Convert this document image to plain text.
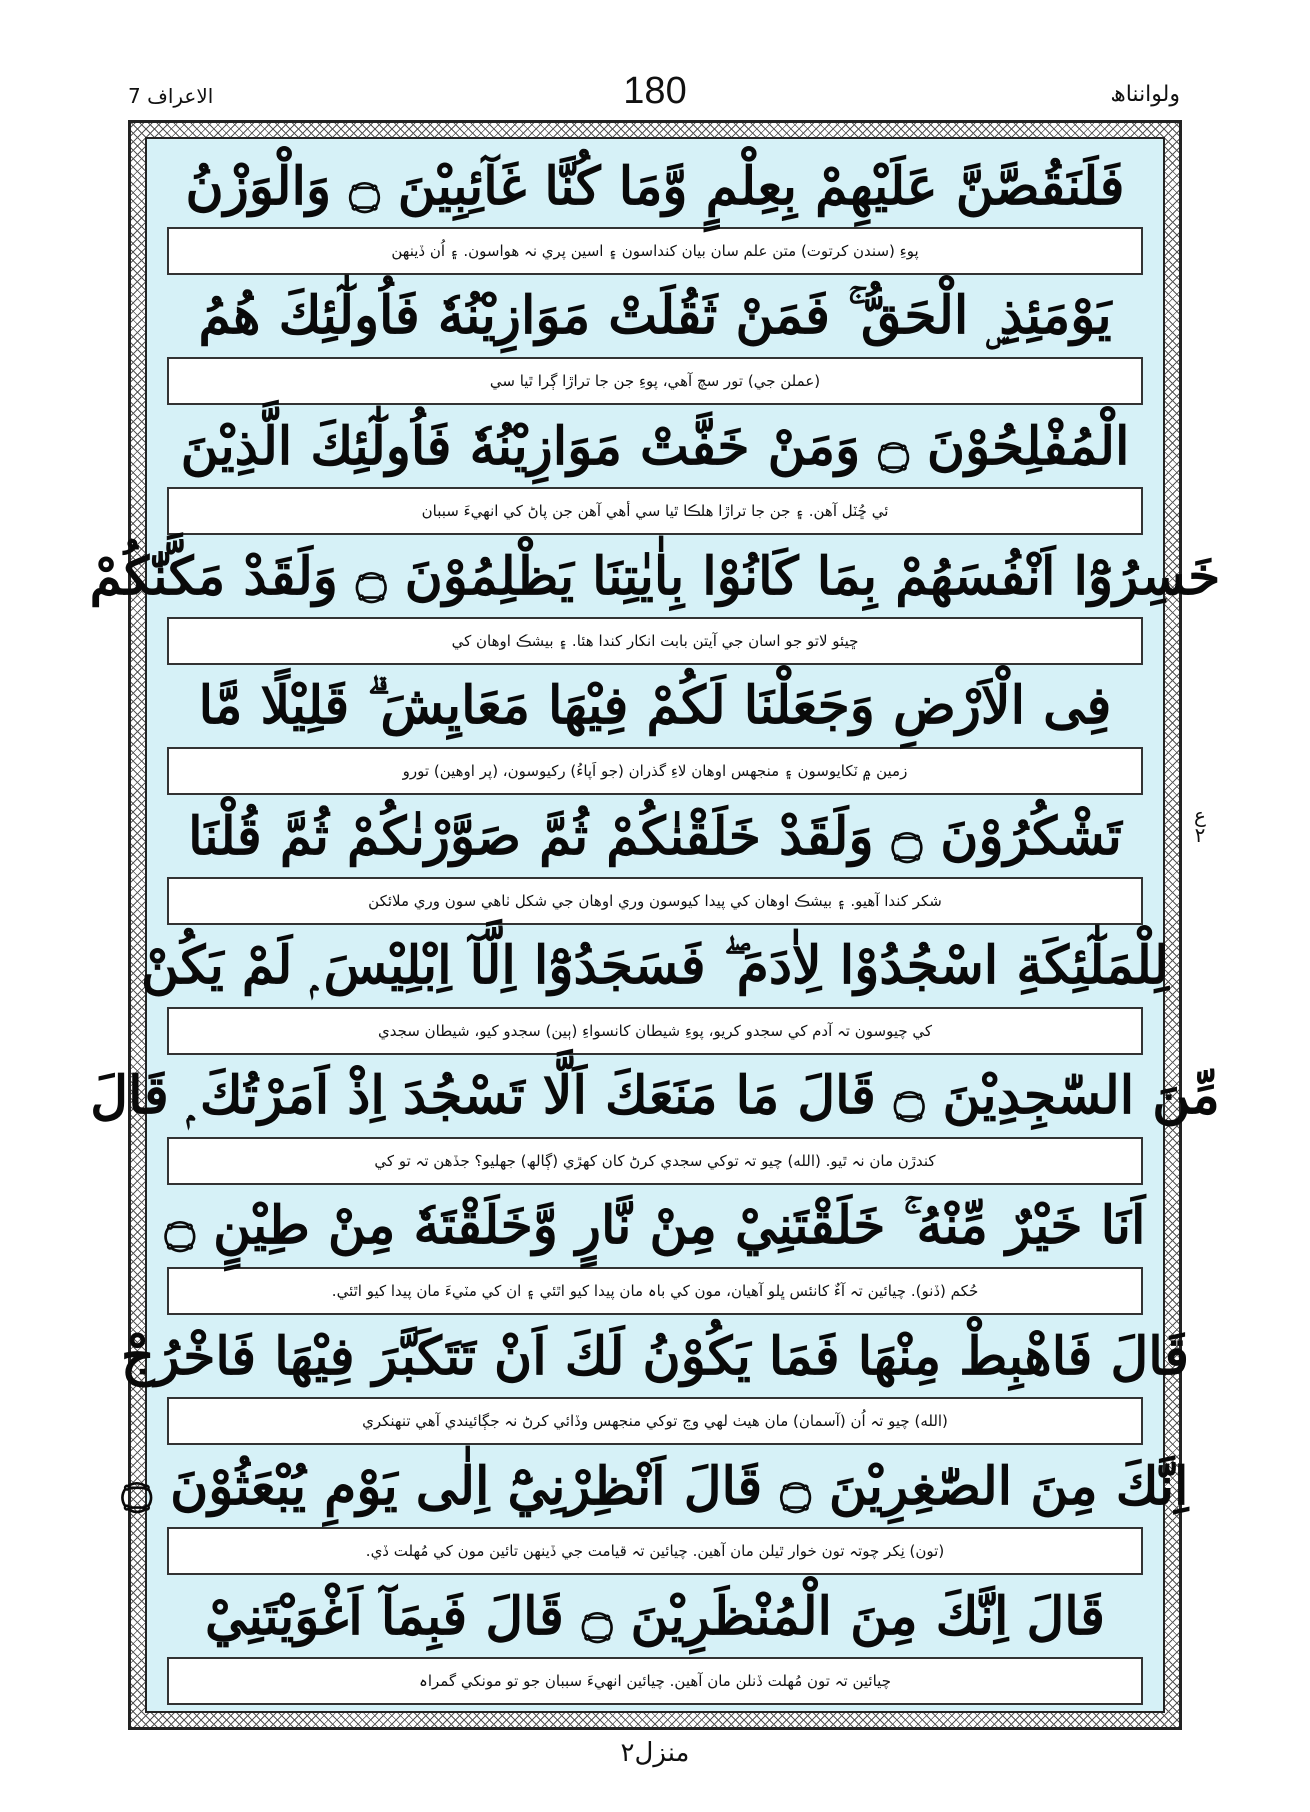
الاعراف 7	180	ولوانناھ
فَلَنَقُصَّنَّ عَلَيْهِمْ بِعِلْمٍ وَّمَا كُنَّا غَآئِبِيْنَ ۝ وَالْوَزْنُ
پوءِ (سندن كرتوت) متن علم سان بيان كنداسون ۽ اسين پري نہ ھواسون. ۽ اُن ڏينھن
يَوْمَئِذِ ۣ الْحَقُّ ۚ فَمَنْ ثَقُلَتْ مَوَازِيْنُهٗ فَاُولٰٓئِكَ هُمُ
(عملن جي) تور سچ آھي، پوءِ جن جا تراڙا ڳرا ٿيا سي
الْمُفْلِحُوْنَ ۝ وَمَنْ خَفَّتْ مَوَازِيْنُهٗ فَاُولٰٓئِكَ الَّذِيْنَ
ئي ڇُٽل آھن. ۽ جن جا تراڙا ھلڪا ٿيا سي أھي آھن جن پاڻ كي انھيءَ سببان
خَسِرُوْٓا اَنْفُسَهُمْ بِمَا كَانُوْا بِاٰيٰتِنَا يَظْلِمُوْنَ ۝ وَلَقَدْ مَكَّنّٰكُمْ
ڇيئو لاتو جو اسان جي آيتن بابت انكار كندا ھئا. ۽ بيشڪ اوھان كي
فِى الْاَرْضِ وَجَعَلْنَا لَكُمْ فِيْهَا مَعَايِشَ ۗ قَلِيْلًا مَّا
زمين ۾ ٽكايوسون ۽ منجھس اوھان لاءِ گذران (جو اَپاءُ) رکيوسون، (پر اوھين) تورو
تَشْكُرُوْنَ ۝ وَلَقَدْ خَلَقْنٰكُمْ ثُمَّ صَوَّرْنٰكُمْ ثُمَّ قُلْنَا
شكر كندا آھيو. ۽ بيشڪ اوھان كي پيدا كيوسون وري اوھان جي شكل ٺاھي سون وري ملائكن
لِلْمَلٰٓئِكَةِ اسْجُدُوْا لِاٰدَمَ ۖ فَسَجَدُوْٓا اِلَّآ اِبْلِيْسَ ۭ لَمْ يَكُنْ
كي چيوسون تہ آدم كي سجدو كريو، پوءِ شيطان كانسواءِ (ٻين) سجدو كيو، شيطان سجدي
مِّنَ السّٰجِدِيْنَ ۝ قَالَ مَا مَنَعَكَ اَلَّا تَسْجُدَ اِذْ اَمَرْتُكَ ۭ قَالَ
كندڙن مان نہ ٿيو. (الله) چيو تہ توكي سجدي كرڻ كان كھڙي (ڳالھ) جھليو؟ جڏھن تہ تو كي
اَنَا خَيْرٌ مِّنْهُ ۚ خَلَقْتَنِيْ مِنْ نَّارٍ وَّخَلَقْتَهٗ مِنْ طِيْنٍ ۝
حُكم (ڏنو). چيائين تہ آءٌ كانئس ڀلو آھيان، مون كي باہ مان پيدا كيو اٿئي ۽ ان كي مٽيءَ مان پيدا كيو اٿئي.
قَالَ فَاهْبِطْ مِنْهَا فَمَا يَكُوْنُ لَكَ اَنْ تَتَكَبَّرَ فِيْهَا فَاخْرُجْ
(الله) چيو تہ اُن (آسمان) مان ھيٺ لھي وڃ توكي منجھس وڏائي كرڻ نہ جڳائيندي آھي تنھنكري
اِنَّكَ مِنَ الصّٰغِرِيْنَ ۝ قَالَ اَنْظِرْنِيْٓ اِلٰى يَوْمِ يُبْعَثُوْنَ ۝
(تون) نِكر چوتہ تون خوار ٿيلن مان آھين. چيائين تہ قيامت جي ڏينھن تائين مون كي مُھلت ڏي.
قَالَ اِنَّكَ مِنَ الْمُنْظَرِيْنَ ۝ قَالَ فَبِمَآ اَغْوَيْتَنِيْ
چيائين تہ تون مُھلت ڏنلن مان آھين. چيائين انھيءَ سببان جو تو مونكي گمراہ
ع ٢
منزل٢
